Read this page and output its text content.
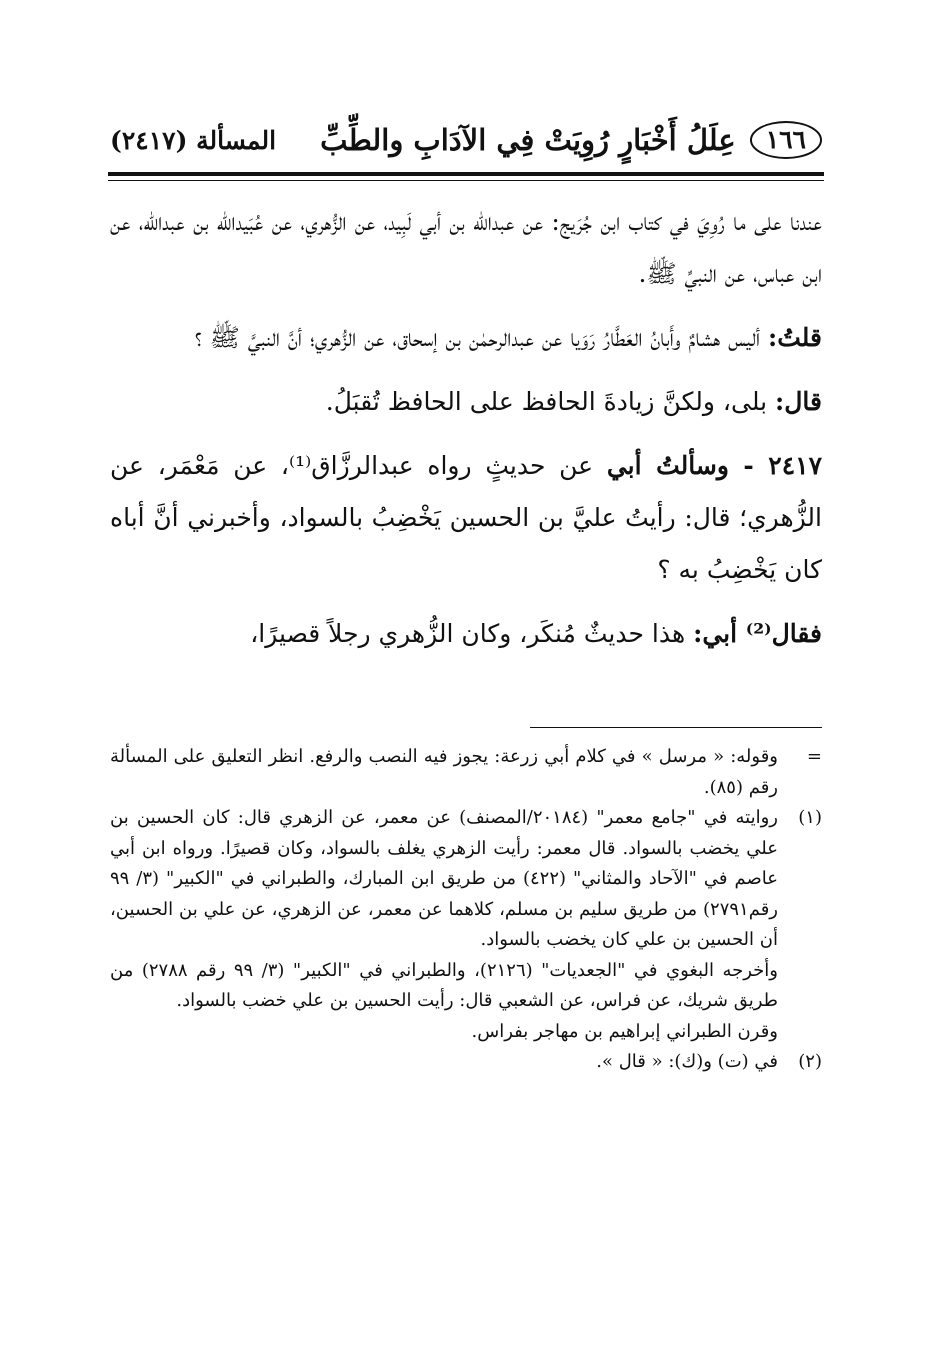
١٦٦
عِلَلُ أَخْبَارٍ رُوِيَتْ فِي الآدَابِ والطِّبِّ
المسألة (٢٤١٧)

عندنا على ما رُوِيَ في كتاب ابن جُرَيج: عن عبدالله بن أبي لَبِيد، عن الزُّهري، عن عُبَيدالله بن عبدالله، عن ابن عباس، عن النبيِّ ﷺ.

قلتُ: أليس هشامٌ وأَبانُ العَطَّارُ رَوَيا عن عبدالرحمٰن بن إسحاق، عن الزُّهري؛ أنَّ النبيَّ ﷺ ؟

قال: بلى، ولكنَّ زيادةَ الحافظ على الحافظ تُقبَلُ.

٢٤١٧ - وسألتُ أبي عن حديثٍ رواه عبدالرزَّاق⁽¹⁾، عن مَعْمَر، عن الزُّهري؛ قال: رأيتُ عليَّ بن الحسين يَخْضِبُ بالسواد، وأخبرني أنَّ أباه كان يَخْضِبُ به ؟

فقال⁽²⁾ أبي: هذا حديثٌ مُنكَر، وكان الزُّهري رجلاً قصيرًا،

=
وقوله: « مرسل » في كلام أبي زرعة: يجوز فيه النصب والرفع. انظر التعليق على المسألة رقم (٨٥).
(١)
روايته في "جامع معمر" (٢٠١٨٤/المصنف) عن معمر، عن الزهري قال: كان الحسين بن علي يخضب بالسواد. قال معمر: رأيت الزهري يغلف بالسواد، وكان قصيرًا. ورواه ابن أبي عاصم في "الآحاد والمثاني" (٤٢٢) من طريق ابن المبارك، والطبراني في "الكبير" (٣/ ٩٩ رقم٢٧٩١) من طريق سليم بن مسلم، كلاهما عن معمر، عن الزهري، عن علي بن الحسين، أن الحسين بن علي كان يخضب بالسواد.
وأخرجه البغوي في "الجعديات" (٢١٢٦)، والطبراني في "الكبير" (٣/ ٩٩ رقم ٢٧٨٨) من طريق شريك، عن فراس، عن الشعبي قال: رأيت الحسين بن علي خضب بالسواد.
وقرن الطبراني إبراهيم بن مهاجر بفراس.
(٢)
في (ت) و(ك): « قال ».
